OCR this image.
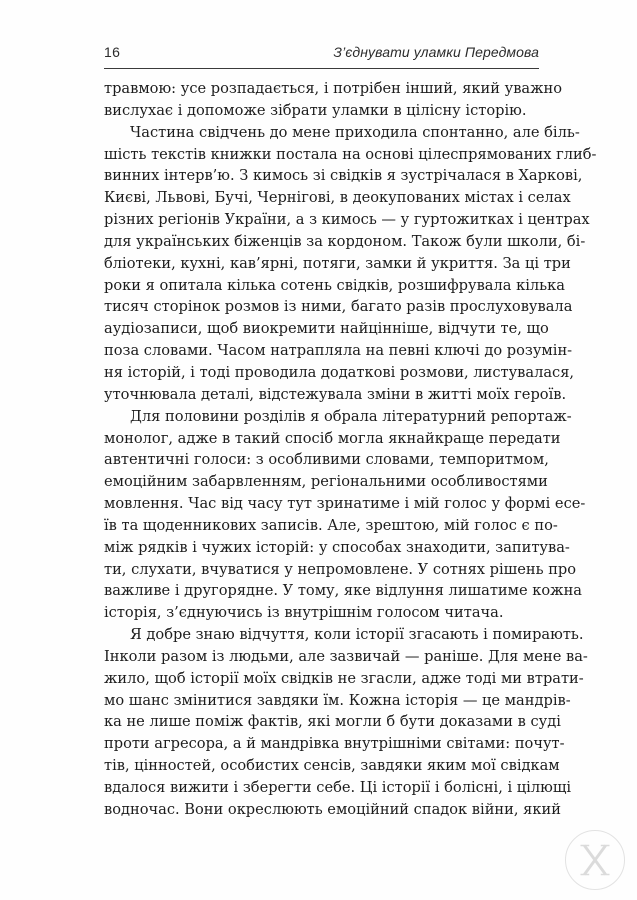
16	З’єднувати уламки Передмова
травмою: усе розпадається, і потрібен інший, який уважно
вислухає і допоможе зібрати уламки в цілісну історію.
Частина свідчень до мене приходила спонтанно, але біль-
шість текстів книжки постала на основі цілеспрямованих глиб-
винних інтерв’ю. З кимось зі свідків я зустрічалася в Харкові,
Києві, Львові, Бучі, Чернігові, в деокупованих містах і селах
різних регіонів України, а з кимось — у гуртожитках і центрах
для українських біженців за кордоном. Також були школи, бі-
бліотеки, кухні, кав’ярні, потяги, замки й укриття. За ці три
роки я опитала кілька сотень свідків, розшифрувала кілька
тисяч сторінок розмов із ними, багато разів прослуховувала
аудіозаписи, щоб виокремити найцінніше, відчути те, що
поза словами. Часом натрапляла на певні ключі до розумін-
ня історій, і тоді проводила додаткові розмови, листувалася,
уточнювала деталі, відстежувала зміни в житті моїх героїв.
Для половини розділів я обрала літературний репортаж-
монолог, адже в такий спосіб могла якнайкраще передати
автентичні голоси: з особливими словами, темпоритмом,
емоційним забарвленням, регіональними особливостями
мовлення. Час від часу тут зринатиме і мій голос у формі есе-
їв та щоденникових записів. Але, зрештою, мій голос є по-
між рядків і чужих історій: у способах знаходити, запитува-
ти, слухати, вчуватися у непромовлене. У сотнях рішень про
важливе і другорядне. У тому, яке відлуння лишатиме кожна
історія, з’єднуючись із внутрішнім голосом читача.
Я добре знаю відчуття, коли історії згасають і помирають.
Інколи разом із людьми, але зазвичай — раніше. Для мене ва-
жило, щоб історії моїх свідків не згасли, адже тоді ми втрати-
мо шанс змінитися завдяки їм. Кожна історія — це мандрів-
ка не лише поміж фактів, які могли б бути доказами в суді
проти агресора, а й мандрівка внутрішніми світами: почут-
тів, цінностей, особистих сенсів, завдяки яким мої свідкам
вдалося вижити і зберегти себе. Ці історії і болісні, і цілющі
водночас. Вони окреслюють емоційний спадок війни, який
